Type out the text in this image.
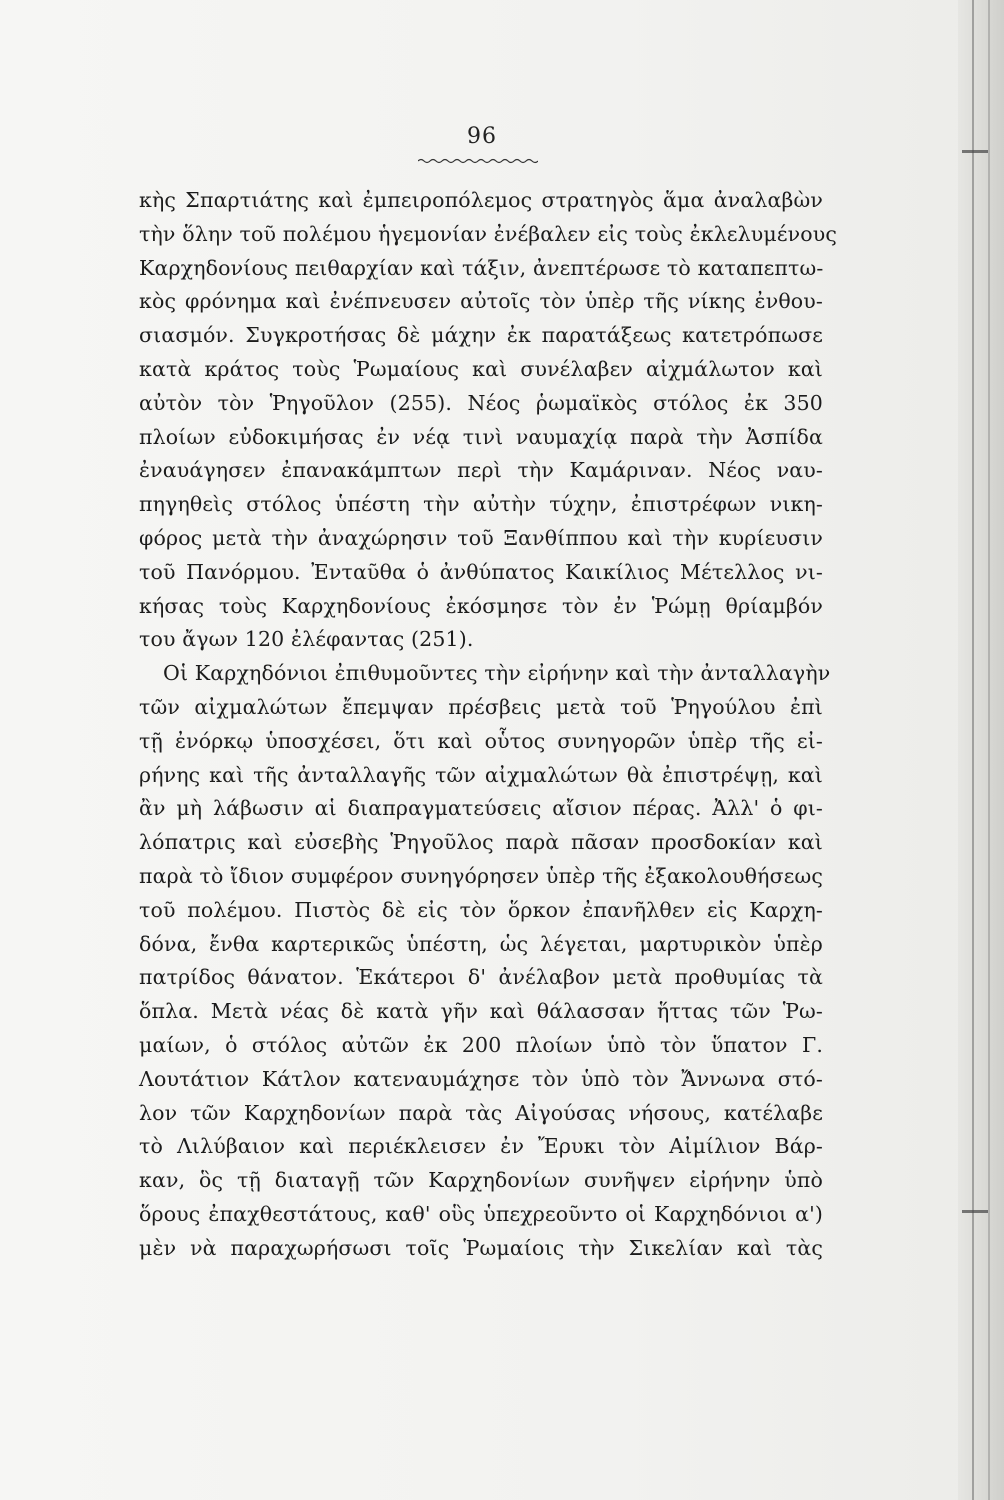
96
κὴς Σπαρτιάτης καὶ ἐμπειροπόλεμος στρατηγὸς ἅμα ἀναλαβὼν
τὴν ὅλην τοῦ πολέμου ἡγεμονίαν ἐνέβαλεν εἰς τοὺς ἐκλελυμένους
Καρχηδονίους πειθαρχίαν καὶ τάξιν, ἀνεπτέρωσε τὸ καταπεπτω-
κὸς φρόνημα καὶ ἐνέπνευσεν αὐτοῖς τὸν ὑπὲρ τῆς νίκης ἐνθου-
σιασμόν. Συγκροτήσας δὲ μάχην ἐκ παρατάξεως κατετρόπωσε
κατὰ κράτος τοὺς Ῥωμαίους καὶ συνέλαβεν αἰχμάλωτον καὶ
αὐτὸν τὸν Ῥηγοῦλον (255). Νέος ῥωμαϊκὸς στόλος ἐκ 350
πλοίων εὐδοκιμήσας ἐν νέᾳ τινὶ ναυμαχίᾳ παρὰ τὴν Ἀσπίδα
ἐναυάγησεν ἐπανακάμπτων περὶ τὴν Καμάριναν. Νέος ναυ-
πηγηθεὶς στόλος ὑπέστη τὴν αὐτὴν τύχην, ἐπιστρέφων νικη-
φόρος μετὰ τὴν ἀναχώρησιν τοῦ Ξανθίππου καὶ τὴν κυρίευσιν
τοῦ Πανόρμου. Ἐνταῦθα ὁ ἀνθύπατος Καικίλιος Μέτελλος νι-
κήσας τοὺς Καρχηδονίους ἐκόσμησε τὸν ἐν Ῥώμῃ θρίαμβόν
του ἄγων 120 ἐλέφαντας (251).
Οἱ Καρχηδόνιοι ἐπιθυμοῦντες τὴν εἰρήνην καὶ τὴν ἀνταλλαγὴν
τῶν αἰχμαλώτων ἔπεμψαν πρέσβεις μετὰ τοῦ Ῥηγούλου ἐπὶ
τῇ ἐνόρκῳ ὑποσχέσει, ὅτι καὶ οὗτος συνηγορῶν ὑπὲρ τῆς εἰ-
ρήνης καὶ τῆς ἀνταλλαγῆς τῶν αἰχμαλώτων θὰ ἐπιστρέψῃ, καὶ
ἂν μὴ λάβωσιν αἱ διαπραγματεύσεις αἴσιον πέρας. Ἀλλ' ὁ φι-
λόπατρις καὶ εὐσεβὴς Ῥηγοῦλος παρὰ πᾶσαν προσδοκίαν καὶ
παρὰ τὸ ἴδιον συμφέρον συνηγόρησεν ὑπὲρ τῆς ἐξακολουθήσεως
τοῦ πολέμου. Πιστὸς δὲ εἰς τὸν ὅρκον ἐπανῆλθεν εἰς Καρχη-
δόνα, ἔνθα καρτερικῶς ὑπέστη, ὡς λέγεται, μαρτυρικὸν ὑπὲρ
πατρίδος θάνατον. Ἑκάτεροι δ' ἀνέλαβον μετὰ προθυμίας τὰ
ὅπλα. Μετὰ νέας δὲ κατὰ γῆν καὶ θάλασσαν ἥττας τῶν Ῥω-
μαίων, ὁ στόλος αὐτῶν ἐκ 200 πλοίων ὑπὸ τὸν ὕπατον Γ.
Λουτάτιον Κάτλον κατεναυμάχησε τὸν ὑπὸ τὸν Ἄννωνα στό-
λον τῶν Καρχηδονίων παρὰ τὰς Αἰγούσας νήσους, κατέλαβε
τὸ Λιλύβαιον καὶ περιέκλεισεν ἐν Ἔρυκι τὸν Αἰμίλιον Βάρ-
καν, ὃς τῇ διαταγῇ τῶν Καρχηδονίων συνῆψεν εἰρήνην ὑπὸ
ὅρους ἐπαχθεστάτους, καθ' οὓς ὑπεχρεοῦντο οἱ Καρχηδόνιοι α')
μὲν νὰ παραχωρήσωσι τοῖς Ῥωμαίοις τὴν Σικελίαν καὶ τὰς
